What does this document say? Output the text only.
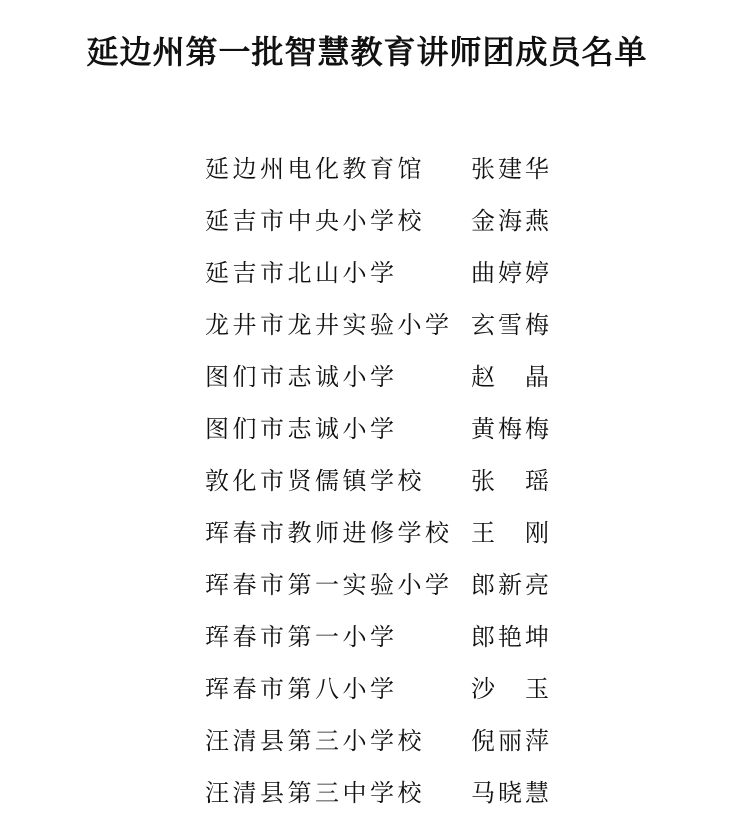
延边州第一批智慧教育讲师团成员名单
延边州电化教育馆	张建华
延吉市中央小学校	金海燕
延吉市北山小学	曲婷婷
龙井市龙井实验小学 玄雪梅
图们市志诚小学	赵　晶
图们市志诚小学	黄梅梅
敦化市贤儒镇学校	张　瑶
珲春市教师进修学校 王　刚
珲春市第一实验小学 郎新亮
珲春市第一小学	郎艳坤
珲春市第八小学	沙　玉
汪清县第三小学校	倪丽萍
汪清县第三中学校	马晓慧
